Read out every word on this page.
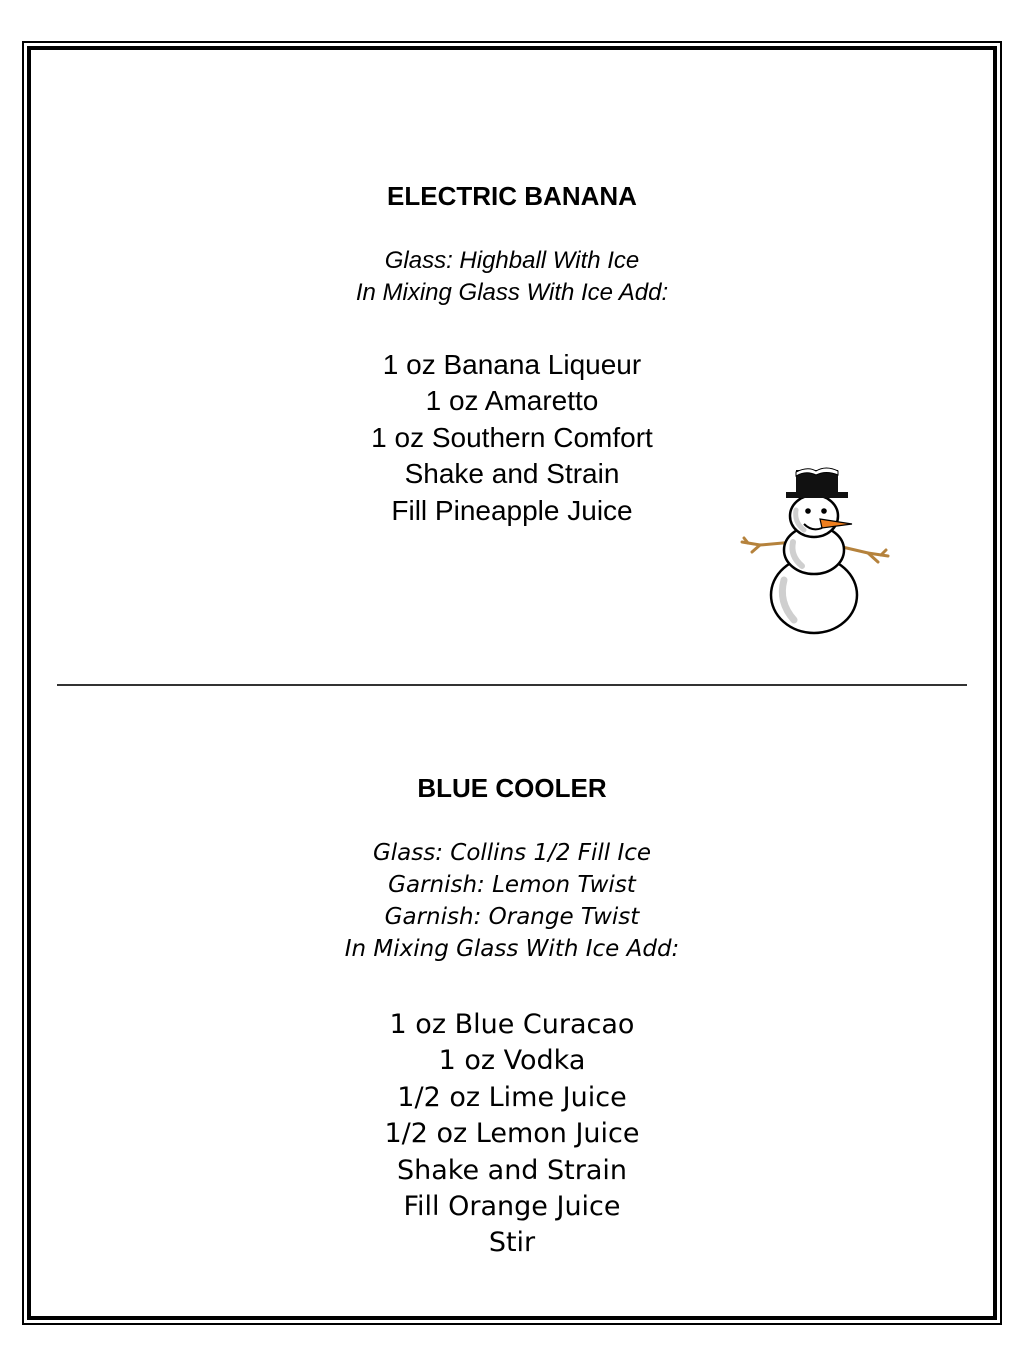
ELECTRIC BANANA
Glass: Highball With Ice
In Mixing Glass With Ice Add:
1 oz Banana Liqueur
1 oz Amaretto
1 oz Southern Comfort
Shake and Strain
Fill Pineapple Juice
BLUE COOLER
Glass: Collins 1/2 Fill Ice
Garnish: Lemon Twist
Garnish: Orange Twist
In Mixing Glass With Ice Add:
1 oz Blue Curacao
1 oz Vodka
1/2 oz Lime Juice
1/2 oz Lemon Juice
Shake and Strain
Fill Orange Juice
Stir
